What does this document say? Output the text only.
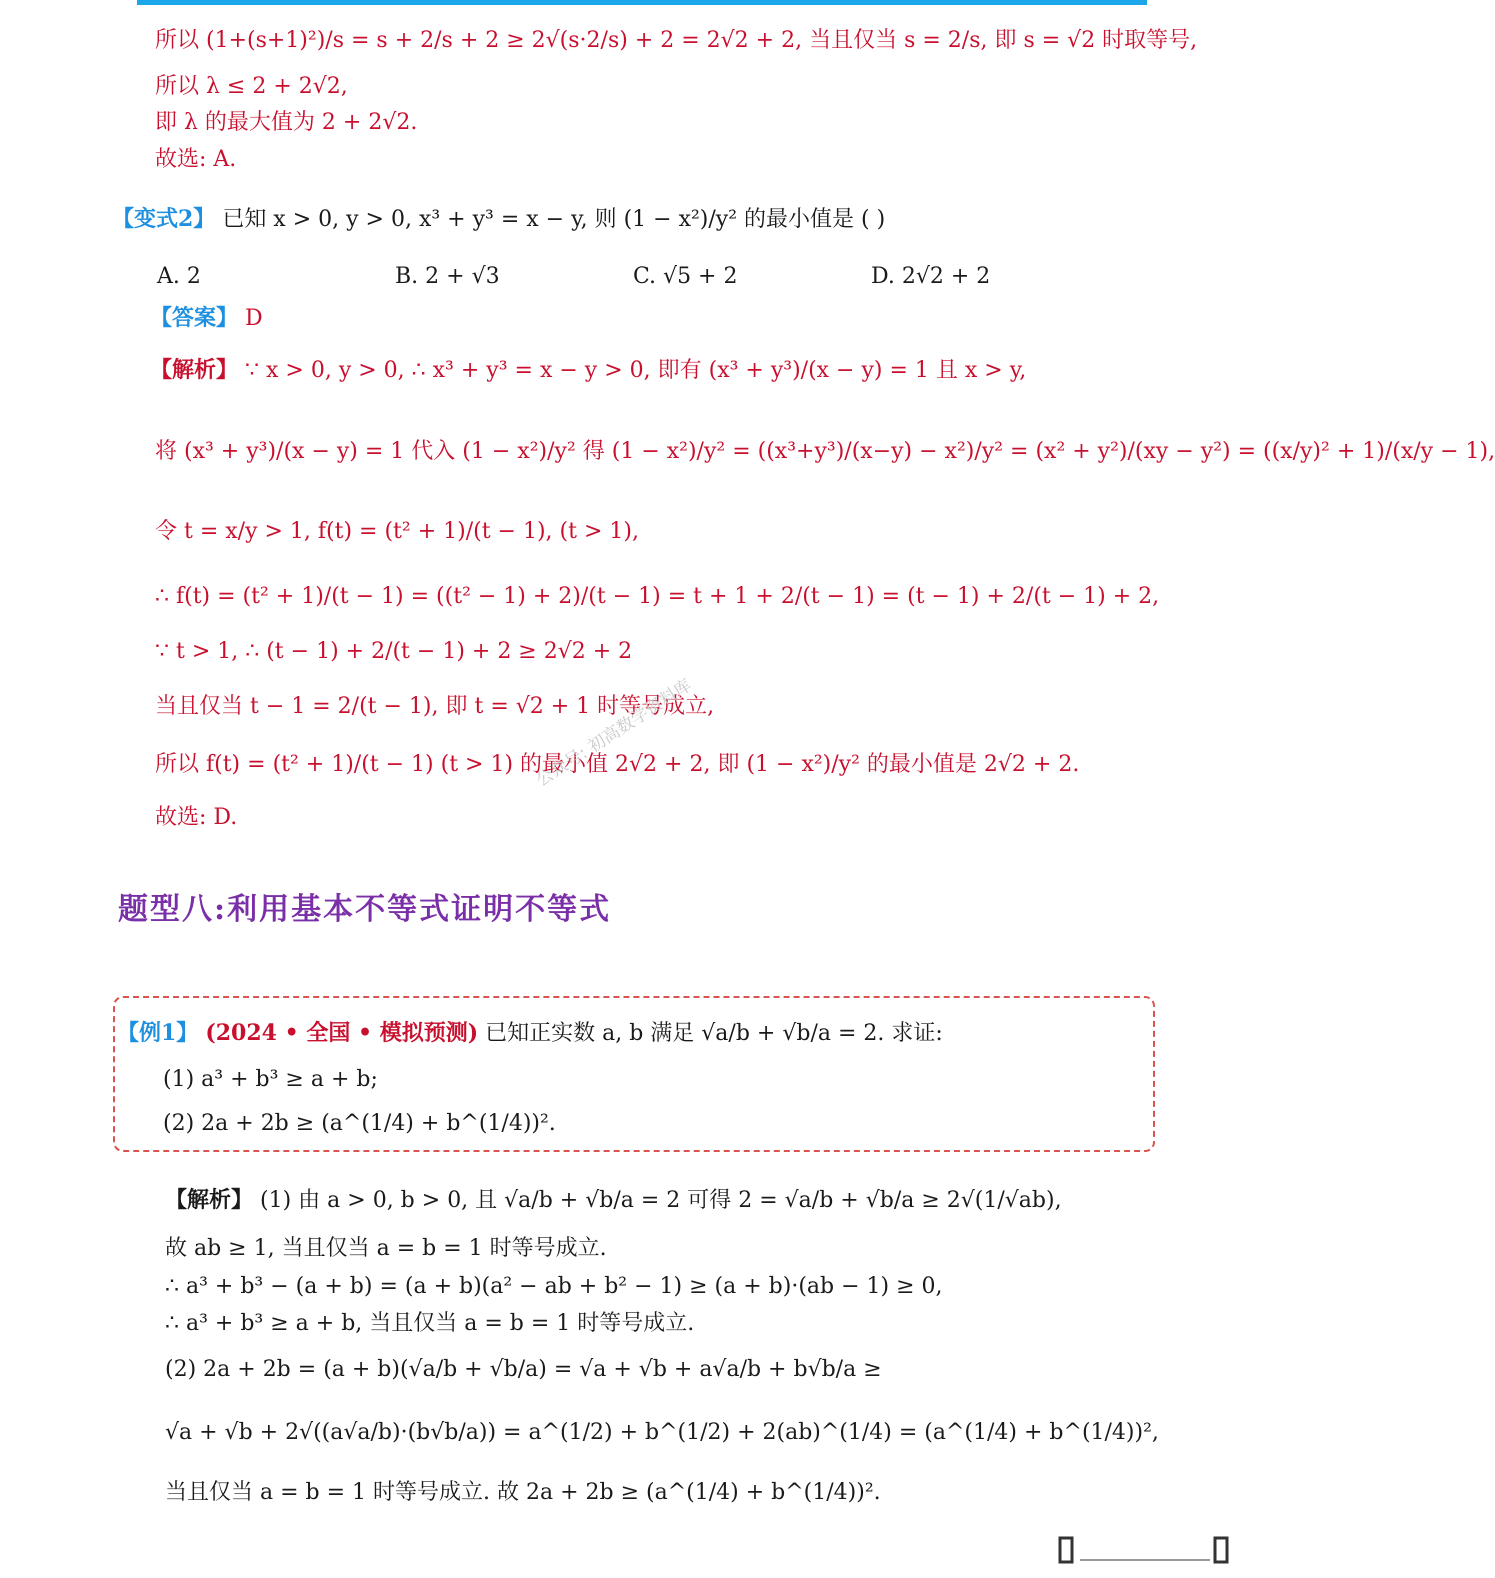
所以 (1+(s+1)²)/s = s + 2/s + 2 ≥ 2√(s·2/s) + 2 = 2√2 + 2, 当且仅当 s = 2/s, 即 s = √2 时取等号,
所以 λ ≤ 2 + 2√2,
即 λ 的最大值为 2 + 2√2.
故选: A.
【变式2】 已知 x > 0, y > 0, x³ + y³ = x − y, 则 (1 − x²)/y² 的最小值是 ( )
A. 2	B. 2 + √3	C. √5 + 2	D. 2√2 + 2
【答案】 D
【解析】 ∵ x > 0, y > 0, ∴ x³ + y³ = x − y > 0, 即有 (x³ + y³)/(x − y) = 1 且 x > y,
将 (x³ + y³)/(x − y) = 1 代入 (1 − x²)/y² 得 (1 − x²)/y² = ((x³+y³)/(x−y) − x²)/y² = (x² + y²)/(xy − y²) = ((x/y)² + 1)/(x/y − 1),
令 t = x/y > 1, f(t) = (t² + 1)/(t − 1), (t > 1),
∴ f(t) = (t² + 1)/(t − 1) = ((t² − 1) + 2)/(t − 1) = t + 1 + 2/(t − 1) = (t − 1) + 2/(t − 1) + 2,
∵ t > 1, ∴ (t − 1) + 2/(t − 1) + 2 ≥ 2√2 + 2
当且仅当 t − 1 = 2/(t − 1), 即 t = √2 + 1 时等号成立,
所以 f(t) = (t² + 1)/(t − 1) (t > 1) 的最小值 2√2 + 2, 即 (1 − x²)/y² 的最小值是 2√2 + 2.
故选: D.
公众号: 初高数学资料库
题型八:利用基本不等式证明不等式
【例1】 (2024 • 全国 • 模拟预测) 已知正实数 a, b 满足 √a/b + √b/a = 2. 求证:
(1) a³ + b³ ≥ a + b;
(2) 2a + 2b ≥ (a^(1/4) + b^(1/4))².
【解析】 (1) 由 a > 0, b > 0, 且 √a/b + √b/a = 2 可得 2 = √a/b + √b/a ≥ 2√(1/√ab),
故 ab ≥ 1, 当且仅当 a = b = 1 时等号成立.
∴ a³ + b³ − (a + b) = (a + b)(a² − ab + b² − 1) ≥ (a + b)·(ab − 1) ≥ 0,
∴ a³ + b³ ≥ a + b, 当且仅当 a = b = 1 时等号成立.
(2) 2a + 2b = (a + b)(√a/b + √b/a) = √a + √b + a√a/b + b√b/a ≥
√a + √b + 2√((a√a/b)·(b√b/a)) = a^(1/2) + b^(1/2) + 2(ab)^(1/4) = (a^(1/4) + b^(1/4))²,
当且仅当 a = b = 1 时等号成立. 故 2a + 2b ≥ (a^(1/4) + b^(1/4))².
